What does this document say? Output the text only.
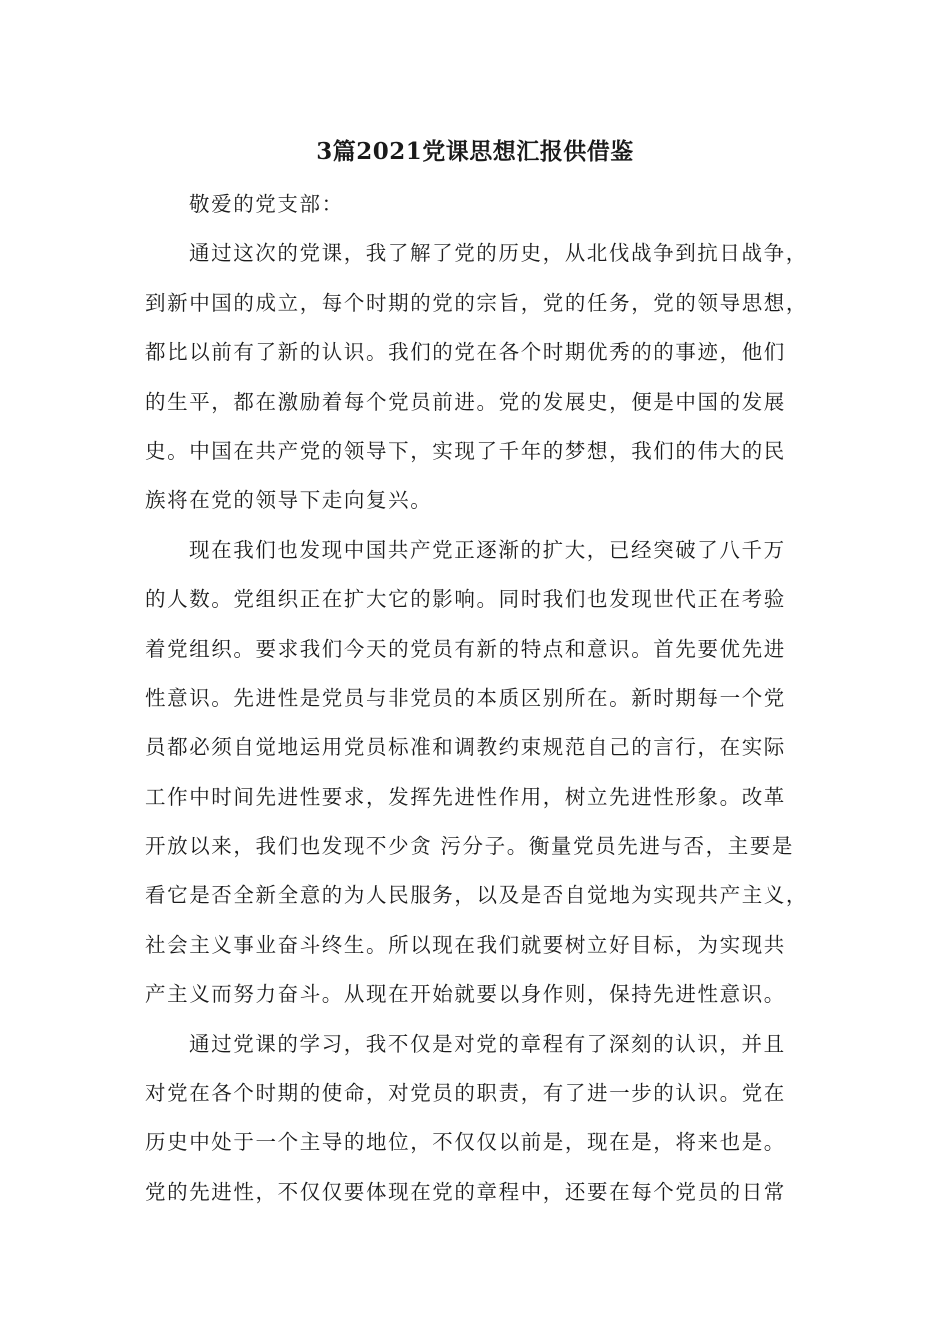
3篇2021党课思想汇报供借鉴

敬爱的党支部：

通过这次的党课，我了解了党的历史，从北伐战争到抗日战争，
到新中国的成立，每个时期的党的宗旨，党的任务，党的领导思想，
都比以前有了新的认识。我们的党在各个时期优秀的的事迹，他们
的生平，都在激励着每个党员前进。党的发展史，便是中国的发展
史。中国在共产党的领导下，实现了千年的梦想，我们的伟大的民
族将在党的领导下走向复兴。
现在我们也发现中国共产党正逐渐的扩大，已经突破了八千万
的人数。党组织正在扩大它的影响。同时我们也发现世代正在考验
着党组织。要求我们今天的党员有新的特点和意识。首先要优先进
性意识。先进性是党员与非党员的本质区别所在。新时期每一个党
员都必须自觉地运用党员标准和调教约束规范自己的言行，在实际
工作中时间先进性要求，发挥先进性作用，树立先进性形象。改革
开放以来，我们也发现不少贪 污分子。衡量党员先进与否，主要是
看它是否全新全意的为人民服务，以及是否自觉地为实现共产主义，
社会主义事业奋斗终生。所以现在我们就要树立好目标，为实现共
产主义而努力奋斗。从现在开始就要以身作则，保持先进性意识。
通过党课的学习，我不仅是对党的章程有了深刻的认识，并且
对党在各个时期的使命，对党员的职责，有了进一步的认识。党在
历史中处于一个主导的地位，不仅仅以前是，现在是，将来也是。
党的先进性，不仅仅要体现在党的章程中，还要在每个党员的日常
